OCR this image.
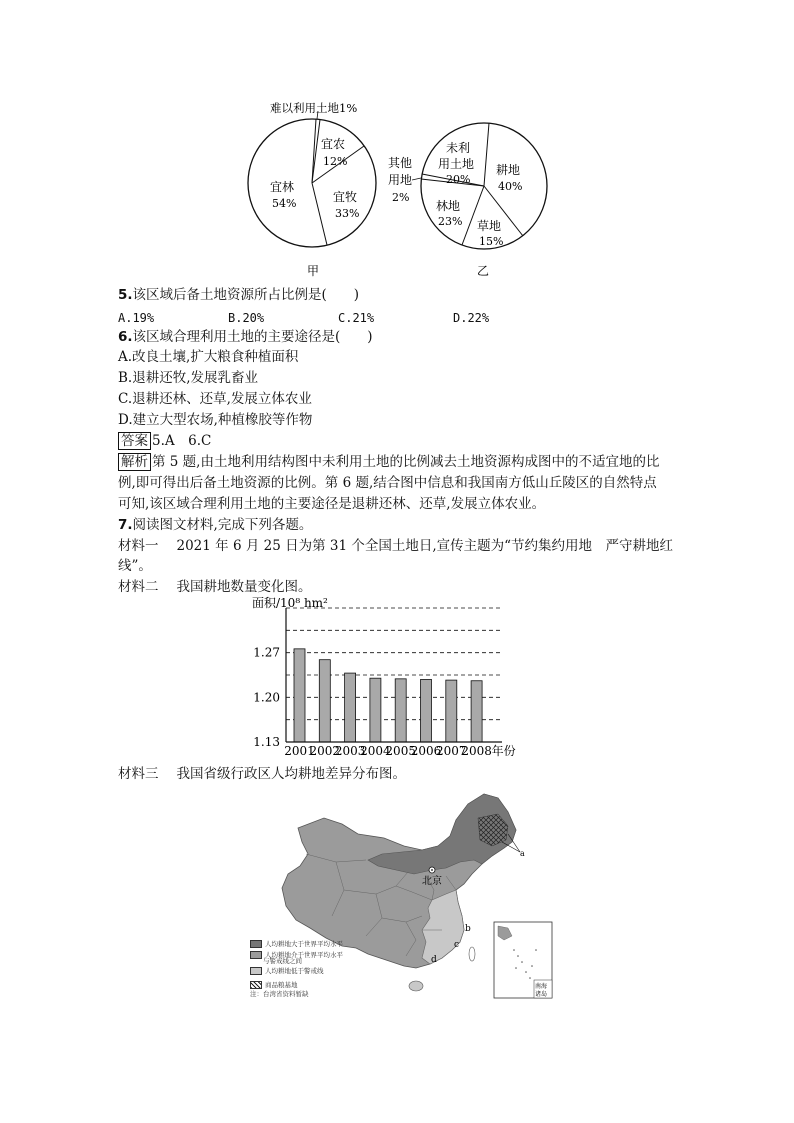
难以利用土地1%
宜农
12%
宜牧
33%
宜林
54%
甲
其他
用地
2%
未利
用土地
20%
耕地
40%
林地
23% 草地
15%
乙
5.该区域后备土地资源所占比例是(　　)
A.19%	B.20%	C.21%	D.22%
6.该区域合理利用土地的主要途径是(　　)
A.改良土壤,扩大粮食种植面积
B.退耕还牧,发展乳畜业
C.退耕还林、还草,发展立体农业
D.建立大型农场,种植橡胶等作物
答案 5.A　6.C
解析 第 5 题,由土地利用结构图中未利用土地的比例减去土地资源构成图中的不适宜地的比
例,即可得出后备土地资源的比例。第 6 题,结合图中信息和我国南方低山丘陵区的自然特点
可知,该区域合理利用土地的主要途径是退耕还林、还草,发展立体农业。
7.阅读图文材料,完成下列各题。
材料一 2021 年 6 月 25 日为第 31 个全国土地日,宣传主题为“节约集约用地　严守耕地红
线”。
材料二 我国耕地数量变化图。
面积/10⁸ hm²
1.27
1.20
1.13
2001
2002
2003
2004
2005
2006
2007
2008 年份
材料三 我国省级行政区人均耕地差异分布图。
北京
a
b
c
d
南海
诸岛
人均耕地大于世界平均水平
人均耕地介于世界平均水平
与警戒线之间
人均耕地低于警戒线
商品粮基地
注：台湾省资料暂缺
